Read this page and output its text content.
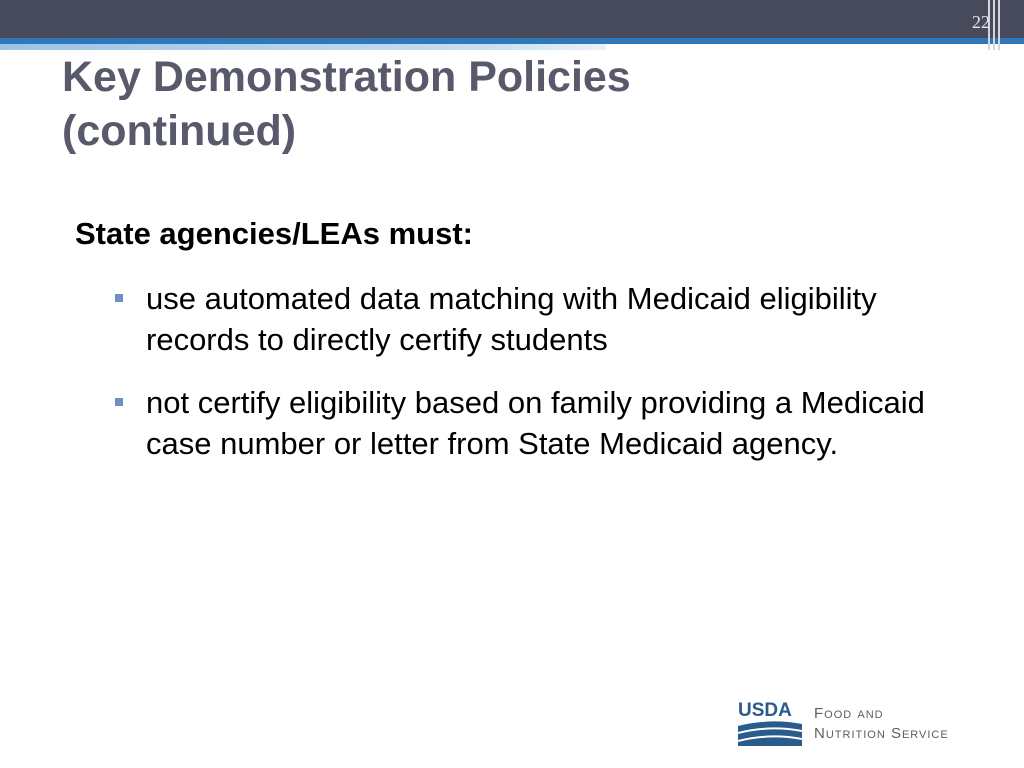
22
Key Demonstration Policies
(continued)

State agencies/LEAs must:

use automated data matching with Medicaid eligibility records to directly certify students
not certify eligibility based on family providing a Medicaid case number or letter from State Medicaid agency.
USDA Food and
Nutrition Service
